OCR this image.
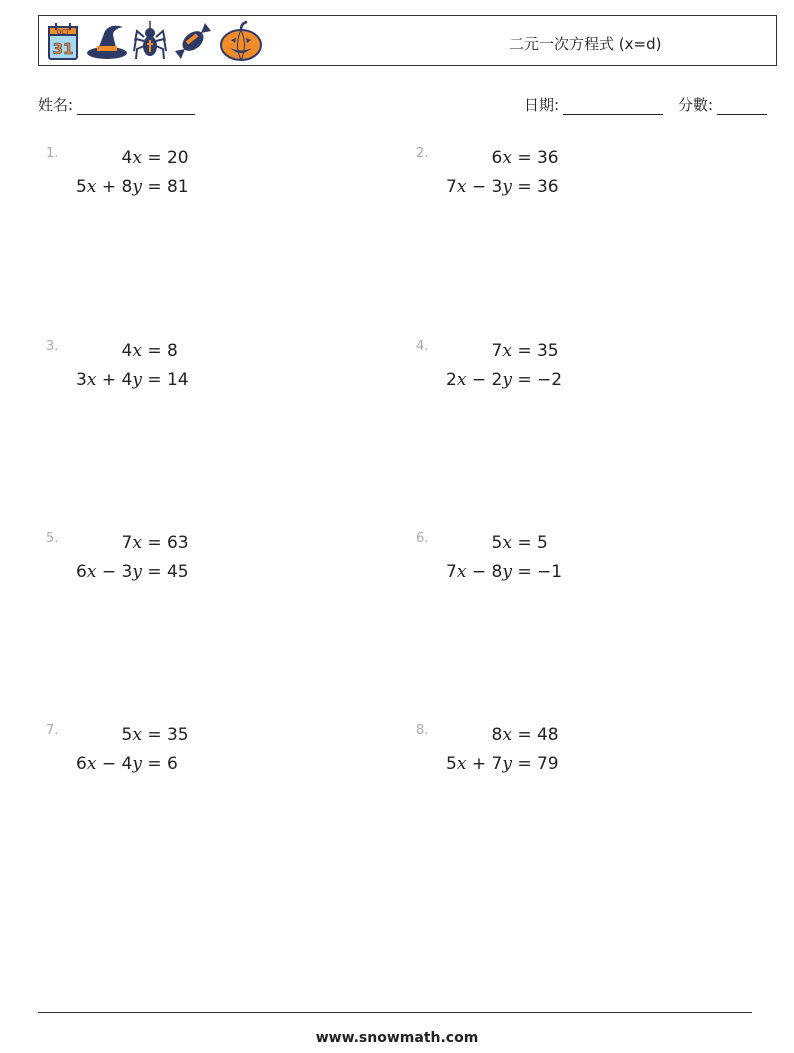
OCT
31	二元一次方程式 (x=d)
姓名:	日期:	分數:
1.	4x = 20
5x + 8y = 81
2.	6x = 36
7x − 3y = 36
3.	4x = 8
3x + 4y = 14
4.	7x = 35
2x − 2y = −2
5.	7x = 63
6x − 3y = 45
6.	5x = 5
7x − 8y = −1
7.	5x = 35
6x − 4y = 6
8.	8x = 48
5x + 7y = 79
www.snowmath.com
